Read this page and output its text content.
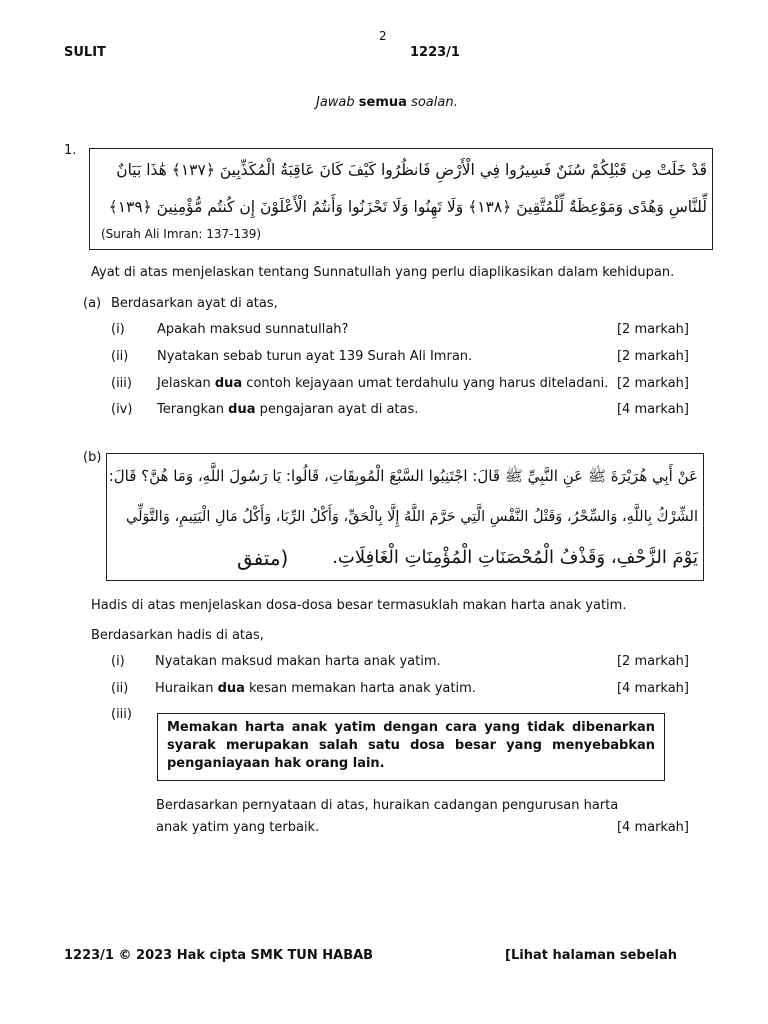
2
SULIT	1223/1
Jawab semua soalan.
1.
قَدْ خَلَتْ مِن قَبْلِكُمْ سُنَنٌ فَسِيرُوا فِي الْأَرْضِ فَانظُرُوا كَيْفَ كَانَ عَاقِبَةُ الْمُكَذِّبِينَ ﴿١٣٧﴾ هَٰذَا بَيَانٌ
لِّلنَّاسِ وَهُدًى وَمَوْعِظَةٌ لِّلْمُتَّقِينَ ﴿١٣٨﴾ وَلَا تَهِنُوا وَلَا تَحْزَنُوا وَأَنتُمُ الْأَعْلَوْنَ إِن كُنتُم مُّؤْمِنِينَ ﴿١٣٩﴾
(Surah Ali Imran: 137-139)
Ayat di atas menjelaskan tentang Sunnatullah yang perlu diaplikasikan dalam kehidupan.
(a) Berdasarkan ayat di atas,
(i) Apakah maksud sunnatullah?	[2 markah]
(ii) Nyatakan sebab turun ayat 139 Surah Ali Imran.	[2 markah]
(iii) Jelaskan dua contoh kejayaan umat terdahulu yang harus diteladani. [2 markah]
(iv) Terangkan dua pengajaran ayat di atas.	[4 markah]
(b)
عَنْ أَبِي هُرَيْرَةَ ﷺ عَنِ النَّبِيِّ ﷺ قَالَ: اجْتَنِبُوا السَّبْعَ الْمُوبِقَاتِ، قَالُوا: يَا رَسُولَ اللَّهِ، وَمَا هُنَّ؟ قَالَ:
الشِّرْكُ بِاللَّهِ، وَالسِّحْرُ، وَقَتْلُ النَّفْسِ الَّتِي حَرَّمَ اللَّهُ إِلَّا بِالْحَقِّ، وَأَكْلُ الرِّبَا، وَأَكْلُ مَالِ الْيَتِيمِ، وَالتَّوَلِّي
يَوْمَ الزَّحْفِ، وَقَذْفُ الْمُحْصَنَاتِ الْمُؤْمِنَاتِ الْغَافِلَاتِ.
(متفق
Hadis di atas menjelaskan dosa-dosa besar termasuklah makan harta anak yatim.
Berdasarkan hadis di atas,
(i) Nyatakan maksud makan harta anak yatim.	[2 markah]
(ii) Huraikan dua kesan memakan harta anak yatim.	[4 markah]
(iii)
Memakan harta anak yatim dengan cara yang tidak dibenarkan syarak merupakan salah satu dosa besar yang menyebabkan penganiayaan hak orang lain.
Berdasarkan pernyataan di atas, huraikan cadangan pengurusan harta
anak yatim yang terbaik.	[4 markah]
1223/1 © 2023 Hak cipta SMK TUN HABAB	[Lihat halaman sebelah
